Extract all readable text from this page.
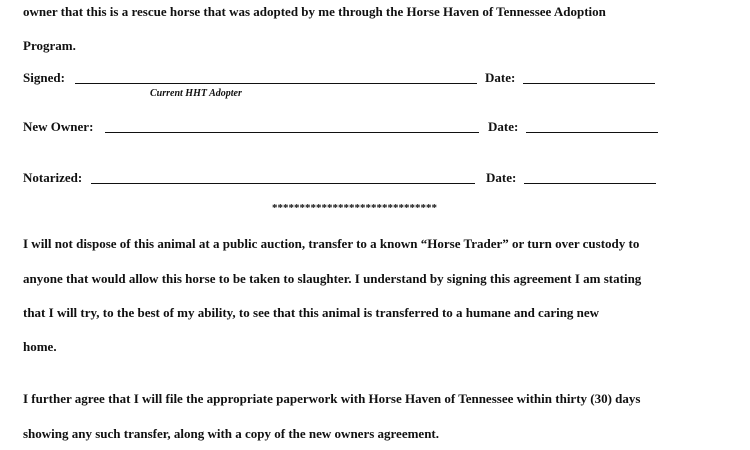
owner that this is a rescue horse that was adopted by me through the Horse Haven of Tennessee Adoption
Program.
Signed:	Date:
Current HHT Adopter
New Owner:	Date:
Notarized:	Date:
******************************
I will not dispose of this animal at a public auction, transfer to a known “Horse Trader” or turn over custody to
anyone that would allow this horse to be taken to slaughter. I understand by signing this agreement I am stating
that I will try, to the best of my ability, to see that this animal is transferred to a humane and caring new
home.
I further agree that I will file the appropriate paperwork with Horse Haven of Tennessee within thirty (30) days
showing any such transfer, along with a copy of the new owners agreement.
